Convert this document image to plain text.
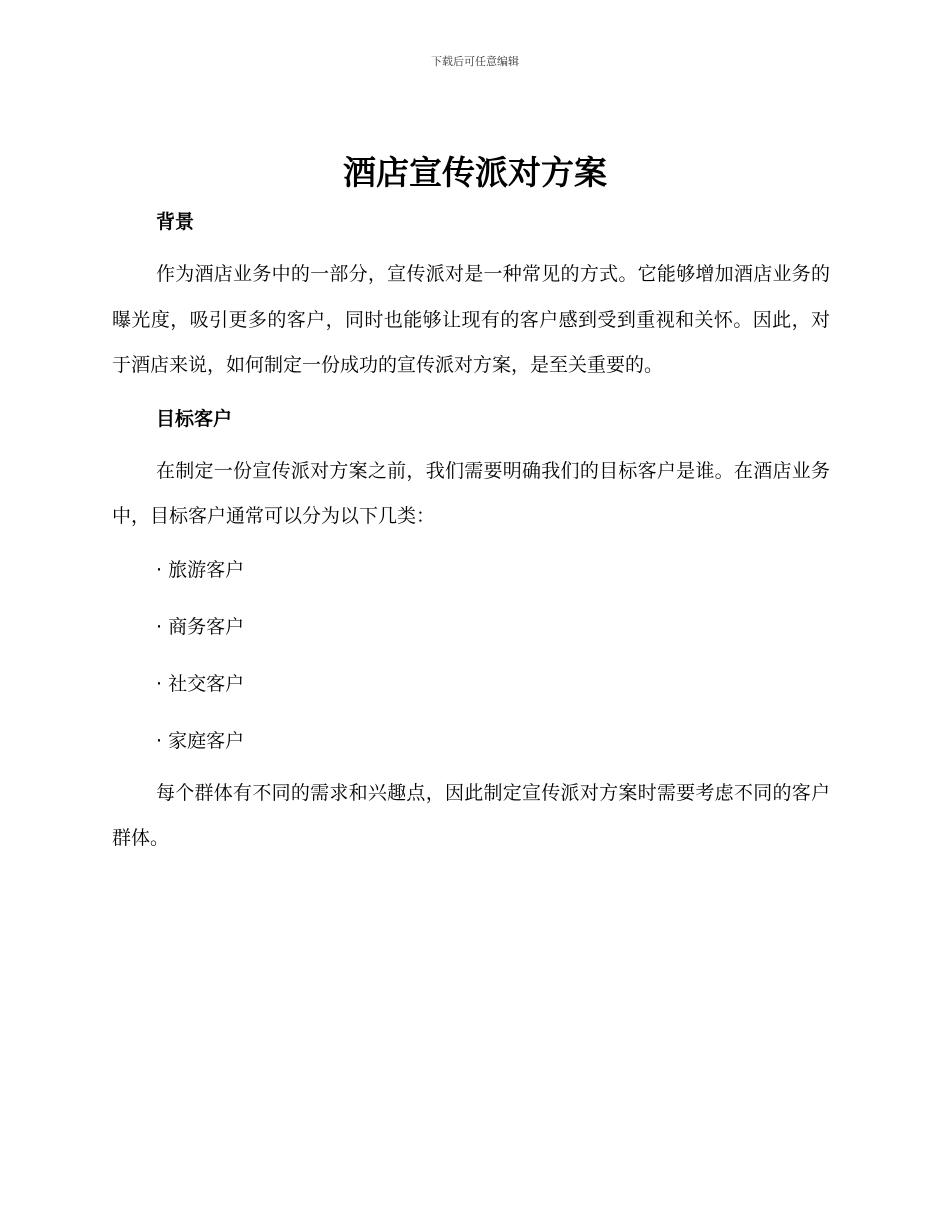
下载后可任意编辑
酒店宣传派对方案

背景

作为酒店业务中的一部分，宣传派对是一种常见的方式。它能够增加酒店业务的曝光度，吸引更多的客户，同时也能够让现有的客户感到受到重视和关怀。因此，对于酒店来说，如何制定一份成功的宣传派对方案，是至关重要的。

目标客户

在制定一份宣传派对方案之前，我们需要明确我们的目标客户是谁。在酒店业务中，目标客户通常可以分为以下几类：

· 旅游客户

· 商务客户

· 社交客户

· 家庭客户

每个群体有不同的需求和兴趣点，因此制定宣传派对方案时需要考虑不同的客户群体。
